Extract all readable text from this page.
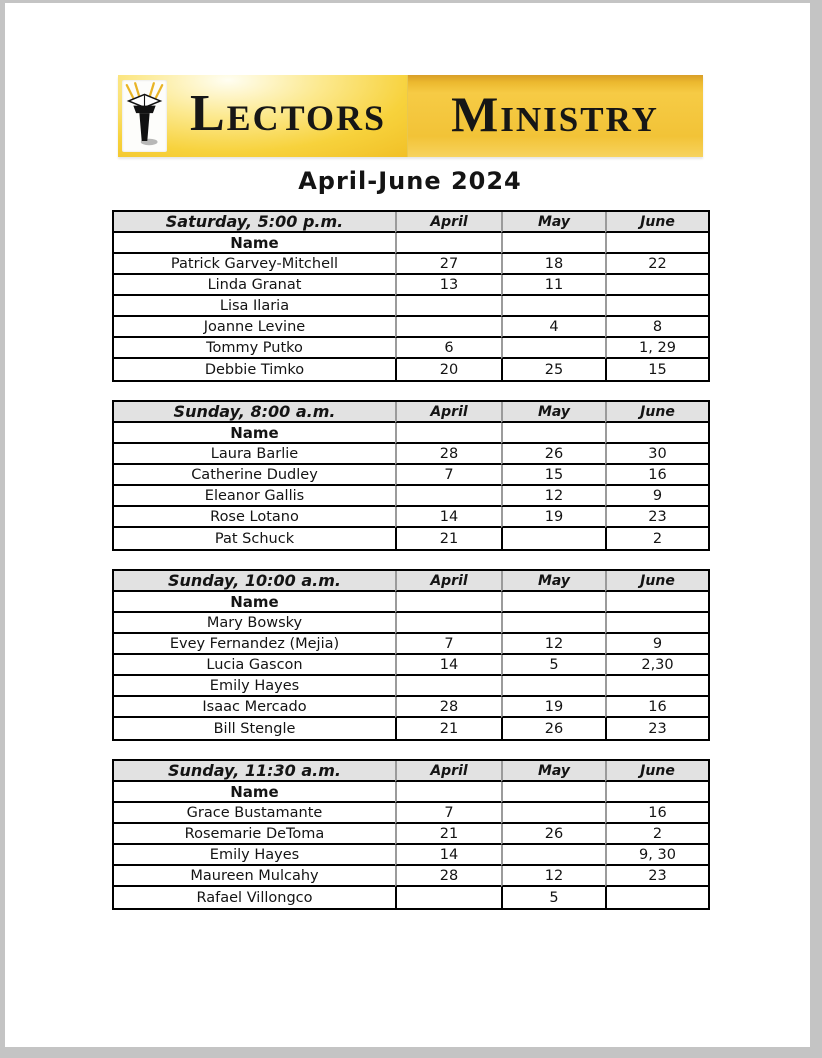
Lectors	Ministry
April-June 2024
Saturday, 5:00 p.m.	April	May	June
Name			
Patrick Garvey-Mitchell	27	18	22
Linda Granat	13	11	
Lisa Ilaria			
Joanne Levine		4	8
Tommy Putko	6		1, 29
Debbie Timko	20	25	15
Sunday, 8:00 a.m.	April	May	June
Name			
Laura Barlie	28	26	30
Catherine Dudley	7	15	16
Eleanor Gallis		12	9
Rose Lotano	14	19	23
Pat Schuck	21		2
Sunday, 10:00 a.m.	April	May	June
Name			
Mary Bowsky			
Evey Fernandez (Mejia)	7	12	9
Lucia Gascon	14	5	2,30
Emily Hayes			
Isaac Mercado	28	19	16
Bill Stengle	21	26	23
Sunday, 11:30 a.m.	April	May	June
Name			
Grace Bustamante	7		16
Rosemarie DeToma	21	26	2
Emily Hayes	14		9, 30
Maureen Mulcahy	28	12	23
Rafael Villongco		5	
